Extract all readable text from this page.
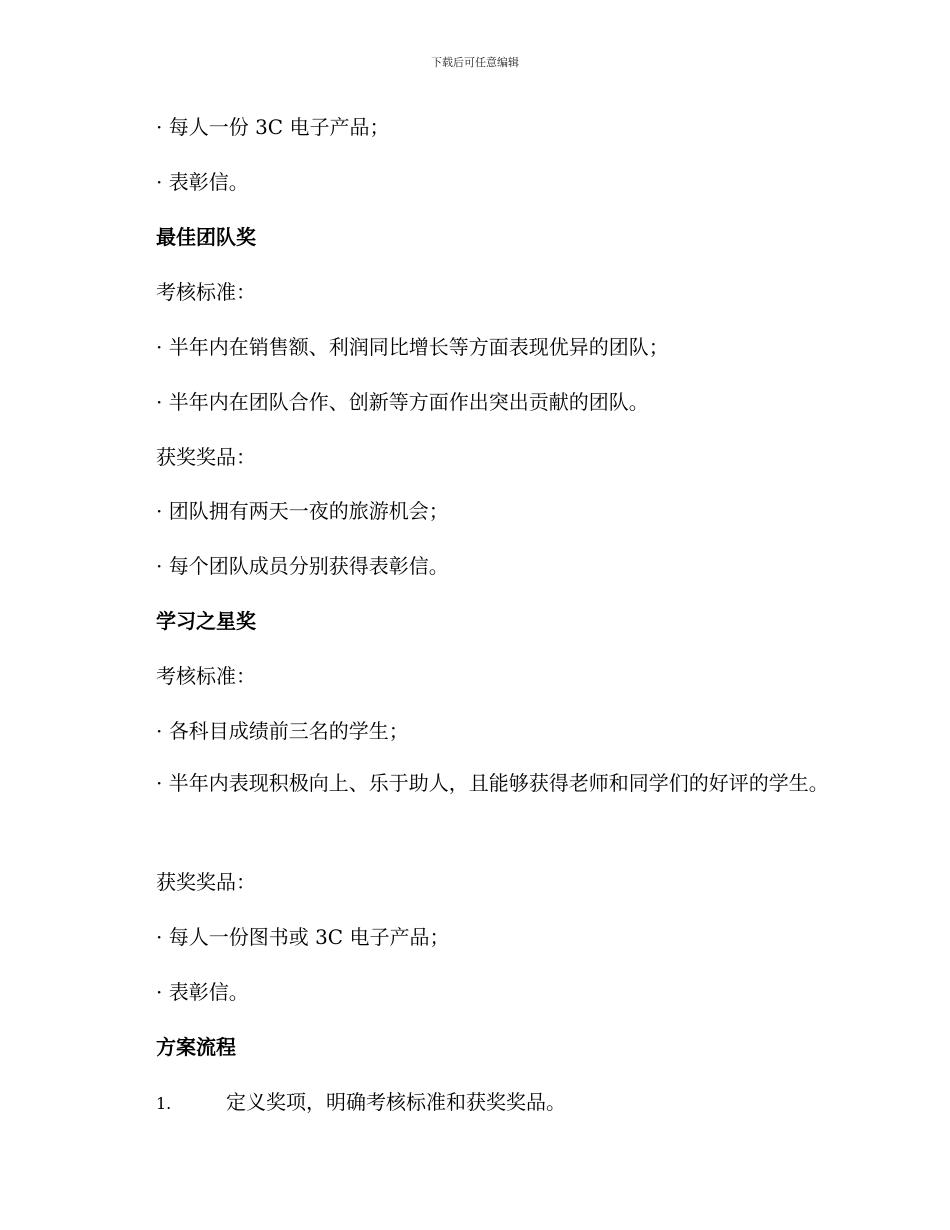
下载后可任意编辑
· 每人一份 3C 电子产品；
· 表彰信。
最佳团队奖
考核标准：
· 半年内在销售额、利润同比增长等方面表现优异的团队；
· 半年内在团队合作、创新等方面作出突出贡献的团队。
获奖奖品：
· 团队拥有两天一夜的旅游机会；
· 每个团队成员分别获得表彰信。
学习之星奖
考核标准：
· 各科目成绩前三名的学生；
· 半年内表现积极向上、乐于助人，且能够获得老师和同学们的好评的学生。
获奖奖品：
· 每人一份图书或 3C 电子产品；
· 表彰信。
方案流程
1.	定义奖项，明确考核标准和获奖奖品。
